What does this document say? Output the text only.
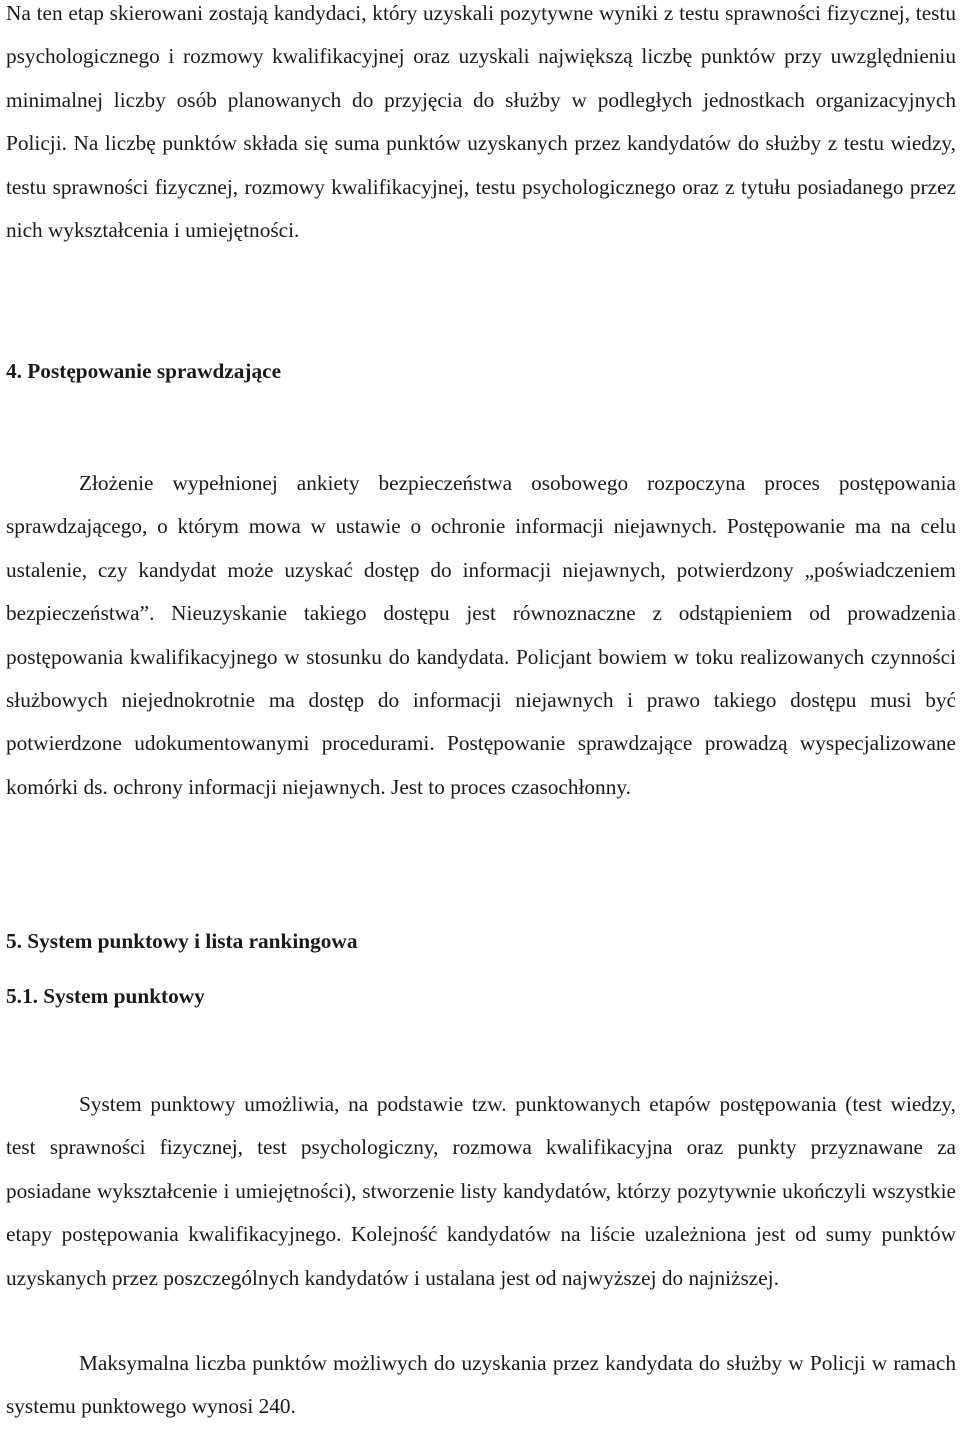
Na ten etap skierowani zostają kandydaci, który uzyskali pozytywne wyniki z testu sprawności fizycznej, testu psychologicznego i rozmowy kwalifikacyjnej oraz uzyskali największą liczbę punktów przy uwzględnieniu minimalnej liczby osób planowanych do przyjęcia do służby w podległych jednostkach organizacyjnych Policji. Na liczbę punktów składa się suma punktów uzyskanych przez kandydatów do służby z testu wiedzy, testu sprawności fizycznej, rozmowy kwalifikacyjnej, testu psychologicznego oraz z tytułu posiadanego przez nich wykształcenia i umiejętności.

4. Postępowanie sprawdzające

Złożenie wypełnionej ankiety bezpieczeństwa osobowego rozpoczyna proces postępowania sprawdzającego, o którym mowa w ustawie o ochronie informacji niejawnych. Postępowanie ma na celu ustalenie, czy kandydat może uzyskać dostęp do informacji niejawnych, potwierdzony „poświadczeniem bezpieczeństwa”. Nieuzyskanie takiego dostępu jest równoznaczne z odstąpieniem od prowadzenia postępowania kwalifikacyjnego w stosunku do kandydata. Policjant bowiem w toku realizowanych czynności służbowych niejednokrotnie ma dostęp do informacji niejawnych i prawo takiego dostępu musi być potwierdzone udokumentowanymi procedurami. Postępowanie sprawdzające prowadzą wyspecjalizowane komórki ds. ochrony informacji niejawnych. Jest to proces czasochłonny.

5. System punktowy i lista rankingowa
5.1. System punktowy

System punktowy umożliwia, na podstawie tzw. punktowanych etapów postępowania (test wiedzy, test sprawności fizycznej, test psychologiczny, rozmowa kwalifikacyjna oraz punkty przyznawane za posiadane wykształcenie i umiejętności), stworzenie listy kandydatów, którzy pozytywnie ukończyli wszystkie etapy postępowania kwalifikacyjnego. Kolejność kandydatów na liście uzależniona jest od sumy punktów uzyskanych przez poszczególnych kandydatów i ustalana jest od najwyższej do najniższej.

Maksymalna liczba punktów możliwych do uzyskania przez kandydata do służby w Policji w ramach systemu punktowego wynosi 240.
